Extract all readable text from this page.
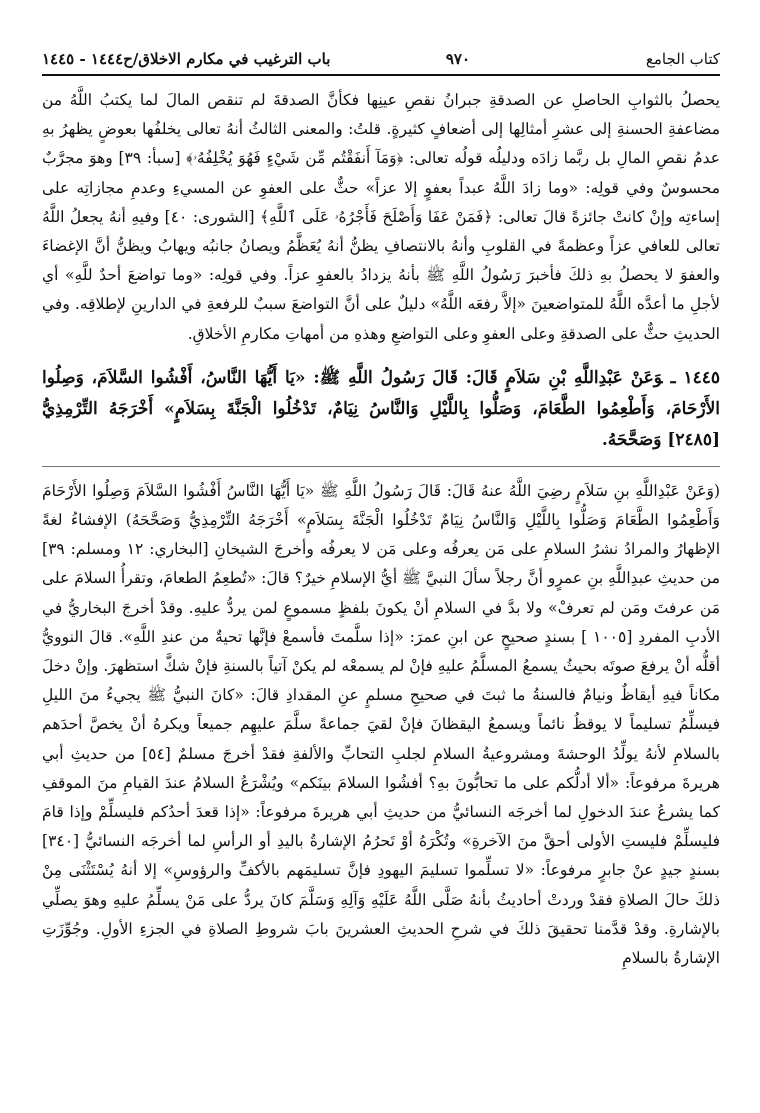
كتاب الجامع
٩٧٠
باب الترغيب في مكارم الاخلاق/ح١٤٤٤ - ١٤٤٥

يحصلُ بالثوابِ الحاصلِ عن الصدقةِ جبرانُ نقصِ عينِها فكأنَّ الصدقةَ لم تنقص المالَ لما يكتبُ اللَّهُ من مضاعفةِ الحسنةِ إلى عشرِ أمثالِها إلى أضعافٍ كثيرةٍ. قلتُ: والمعنى الثالثُ أنهُ تعالى يخلفُها بعوضٍ يظهرُ بهِ عدمُ نقصِ المالِ بل ربَّما زادَه ودليلُه قولُه تعالى: ﴿وَمَآ أَنفَقْتُم مِّن شَيْءٍ فَهُوَ يُخْلِفُهُۥ﴾ [سبأ: ٣٩] وهوَ مجرَّبٌ محسوسٌ وفي قولِه: «وما زادَ اللَّهُ عبداً بعفوٍ إلا عزاً» حثٌّ على العفوِ عن المسيءِ وعدمِ مجازاتِه على إساءتِه وإنْ كانتْ جائزةً قالَ تعالى: ﴿فَمَنْ عَفَا وَأَصْلَحَ فَأَجْرُهُۥ عَلَى ٱللَّهِ﴾ [الشورى: ٤٠] وفيهِ أنهُ يجعلُ اللَّهُ تعالى للعافي عزاً وعظمةً في القلوبِ وأنهُ بالانتصافِ يظنُّ أنهُ يُعَظَّمُ ويصانُ جانبُه ويهابُ ويظنُّ أنَّ الإغضاءَ والعفوَ لا يحصلُ بهِ ذلكَ فأخبرَ رَسُولُ اللَّهِ ﷺ بأنهُ يزدادُ بالعفوِ عزاً. وفي قولِه: «وما تواضعَ أحدٌ للَّهِ» أي لأجلِ ما أعدَّه اللَّهُ للمتواضعينَ «إلاَّ رفعَه اللَّهُ» دليلٌ على أنَّ التواضعَ سببٌ للرفعةِ في الدارينِ لإطلاقِه. وفي الحديثِ حثٌّ على الصدقةِ وعلى العفوِ وعلى التواضعِ وهذهِ من أمهاتِ مكارمِ الأخلاقِ.

١٤٤٥ ـوَعَنْ عَبْدِاللَّهِ بْنِ سَلاَمٍ قَالَ: قَالَ رَسُولُ اللَّهِ ﷺ: «يَا أَيُّهَا النَّاسُ، أَفْشُوا السَّلاَمَ، وَصِلُوا الأَرْحَامَ، وَأَطْعِمُوا الطَّعَامَ، وَصَلُّوا بِاللَّيْلِ وَالنَّاسُ نِيَامٌ، تَدْخُلُوا الْجَنَّةَ بِسَلاَمٍ» أَخْرَجَهُ التِّرْمِذِيُّ [٢٤٨٥] وَصَحَّحَهُ.

(وَعَنْ عَبْدِاللَّهِ بنِ سَلاَمٍ رضِيَ اللَّهُ عنهُ قَالَ: قَالَ رَسُولُ اللَّهِ ﷺ «يَا أَيُّهَا النَّاسُ أَفْشُوا السَّلاَمَ وَصِلُوا الأَرْحَامَ وَأَطْعِمُوا الطَّعَامَ وَصَلُّوا بِاللَّيْلِ وَالنَّاسُ نِيَامٌ تَدْخُلُوا الْجَنَّةَ بِسَلاَمٍ» أَخْرَجَهُ التِّرْمِذِيُّ وَصَحَّحَهُ) الإفشاءُ لغةً الإظهارُ والمرادُ نشرُ السلامِ على مَن يعرفُه وعلى مَن لا يعرفُه وأخرجَ الشيخانِ [البخاري: ١٢ ومسلم: ٣٩] من حديثِ عبدِاللَّهِ بنِ عمرٍو أنَّ رجلاً سألَ النبيَّ ﷺ أيُّ الإسلامِ خيرٌ؟ قالَ: «تُطعِمُ الطعامَ، وتقرأُ السلامَ على مَن عرفتَ ومَن لم تعرفْ» ولا بدَّ في السلامِ أنْ يكونَ بلفظٍ مسموعٍ لمن يردُّ عليهِ. وقدْ أخرجَ البخاريُّ في الأدبِ المفردِ [١٠٠٥ ] بسندٍ صحيحٍ عن ابنِ عمرَ: «إذا سلَّمتَ فأسمعْ فإنَّها تحيةٌ من عندِ اللَّهِ». قالَ النوويُّ أقلُّه أنْ يرفعَ صوتَه بحيثُ يسمعُ المسلَّمُ عليهِ فإنْ لم يسمعْه لم يكنْ آتياً بالسنةِ فإنْ شكَّ استظهرَ. وإنْ دخلَ مكاناً فيهِ أيقاظٌ ونيامٌ فالسنةُ ما ثبتَ في صحيحِ مسلمٍ عنِ المقدادِ قالَ: «كانَ النبيُّ ﷺ يجيءُ منَ الليلِ فيسلِّمُ تسليماً لا يوقظُ نائماً ويسمعُ اليقظانَ فإنْ لقيَ جماعةً سلَّمَ عليهِم جميعاً ويكرهُ أنْ يخصَّ أحدَهم بالسلامِ لأنهُ يولِّدُ الوحشةَ ومشروعيةُ السلامِ لجلبِ التحابِّ والألفةِ فقدْ أخرجَ مسلمٌ [٥٤] من حديثِ أبي هريرةَ مرفوعاً: «ألا أدلُّكم على ما تحابُّونَ بهِ؟ أفشُوا السلامَ بينَكم» ويُشْرَعُ السلامُ عندَ القيامِ منَ الموقفِ كما يشرعُ عندَ الدخولِ لما أخرجَه النسائيُّ من حديثِ أبي هريرةَ مرفوعاً: «إذا قعدَ أحدُكم فليسلِّمْ وإذا قامَ فليسلِّمْ فليستِ الأولى أحقَّ منَ الآخرةِ» وتُكْرَهُ أوْ تَحرُمُ الإشارةُ باليدِ أو الرأسِ لما أخرجَه النسائيُّ [٣٤٠] بسندٍ جيدٍ عنْ جابرٍ مرفوعاً: «لا تسلِّموا تسليمَ اليهودِ فإنَّ تسليمَهم بالأكفِّ والرؤوسِ» إلا أنهُ يُسْتَثْنَى مِنْ ذلكَ حالَ الصلاةِ فقدْ وردتْ أحاديثُ بأنهُ صَلَّى اللَّهُ عَلَيْهِ وَآلِهِ وَسَلَّمَ كانَ يردُّ على مَنْ يسلِّمُ عليهِ وهوَ يصلِّي بالإشارةِ. وقدْ قدَّمنا تحقيقَ ذلكَ في شرحِ الحديثِ العشرينَ بابَ شروطِ الصلاةِ في الجزءِ الأولِ. وجُوِّزَتِ الإشارةُ بالسلامِ
